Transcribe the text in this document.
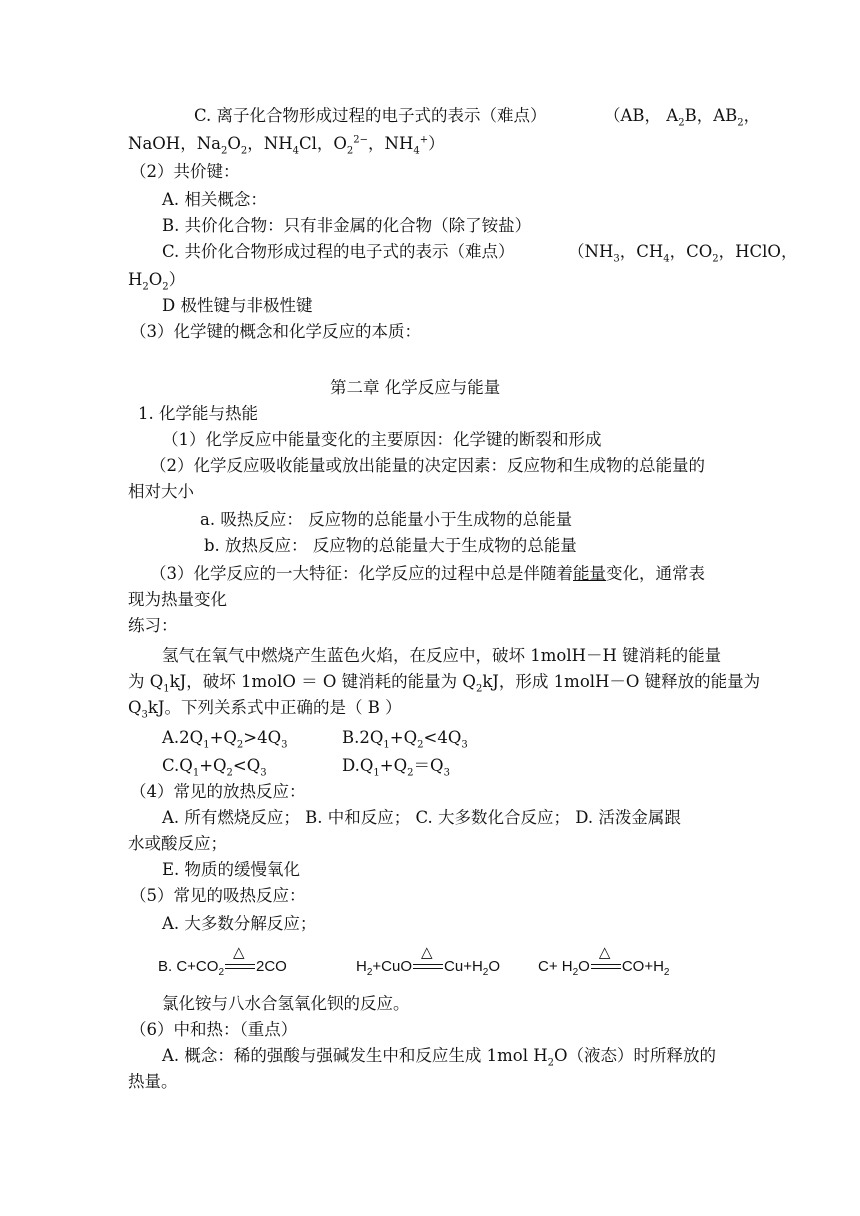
C. 离子化合物形成过程的电子式的表示（难点）	（AB， $A_2B$，$AB_2$，
NaOH，$Na_2O_2$，$NH_4Cl$，$O_2^{2-}$，$NH_4^+$）
（2）共价键：
A. 相关概念：
B. 共价化合物：只有非金属的化合物（除了铵盐）
C. 共价化合物形成过程的电子式的表示（难点）	（$NH_3$，$CH_4$，$CO_2$，HClO，
$H_2O_2$）
D 极性键与非极性键
（3）化学键的概念和化学反应的本质：
第二章 化学反应与能量
1. 化学能与热能
（1）化学反应中能量变化的主要原因：化学键的断裂和形成
（2）化学反应吸收能量或放出能量的决定因素：反应物和生成物的总能量的
相对大小
a. 吸热反应： 反应物的总能量小于生成物的总能量
b. 放热反应： 反应物的总能量大于生成物的总能量
（3）化学反应的一大特征：化学反应的过程中总是伴随着能量变化，通常表
现为热量变化
练习：
氢气在氧气中燃烧产生蓝色火焰，在反应中，破坏 1molH－H 键消耗的能量
为 $Q_1kJ$，破坏 1molO ＝ O 键消耗的能量为 $Q_2kJ$，形成 1molH－O 键释放的能量为
$Q_3kJ$。下列关系式中正确的是（ B ）
$A.2Q_1+Q_2>4Q_3$	$B.2Q_1+Q_2<4Q_3$
$C.Q_1+Q_2<Q_3$	$D.Q_1+Q_2=Q_3$
（4）常见的放热反应：
A. 所有燃烧反应； B. 中和反应； C. 大多数化合反应； D. 活泼金属跟
水或酸反应；
E. 物质的缓慢氧化
（5）常见的吸热反应：
A. 大多数分解反应；
B. $C+CO_2$
△
2CO	$H_2+CuO$
△
$Cu+H_2O$	$C+ H_2O$
△
$CO+H_2$
氯化铵与八水合氢氧化钡的反应。
（6）中和热：（重点）
A. 概念：稀的强酸与强碱发生中和反应生成 1mol $H_2O$（液态）时所释放的
热量。
